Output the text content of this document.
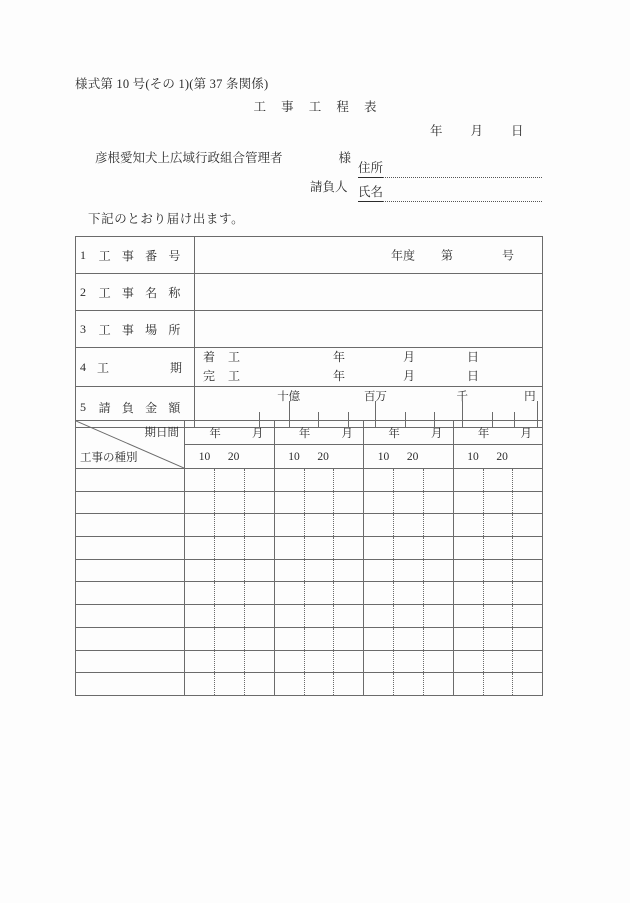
様式第 10 号(その 1)(第 37 条関係)
工 事 工 程 表
年 月 日
彦根愛知犬上広域行政組合管理者	様
請負人
住所
氏名
下記のとおり届け出ます。
1 工 事 番 号	年度 第 号

2 工 事 名 称	

3 工 事 場 所	

4 工	期

着 工	年	月	日
完 工	年	月	日

5 請 負 金 額	十億 百万 千 円
期日間
工事の種別	年 月	年 月	年 月	年 月

	10 20	10 20	10 20	10 20
